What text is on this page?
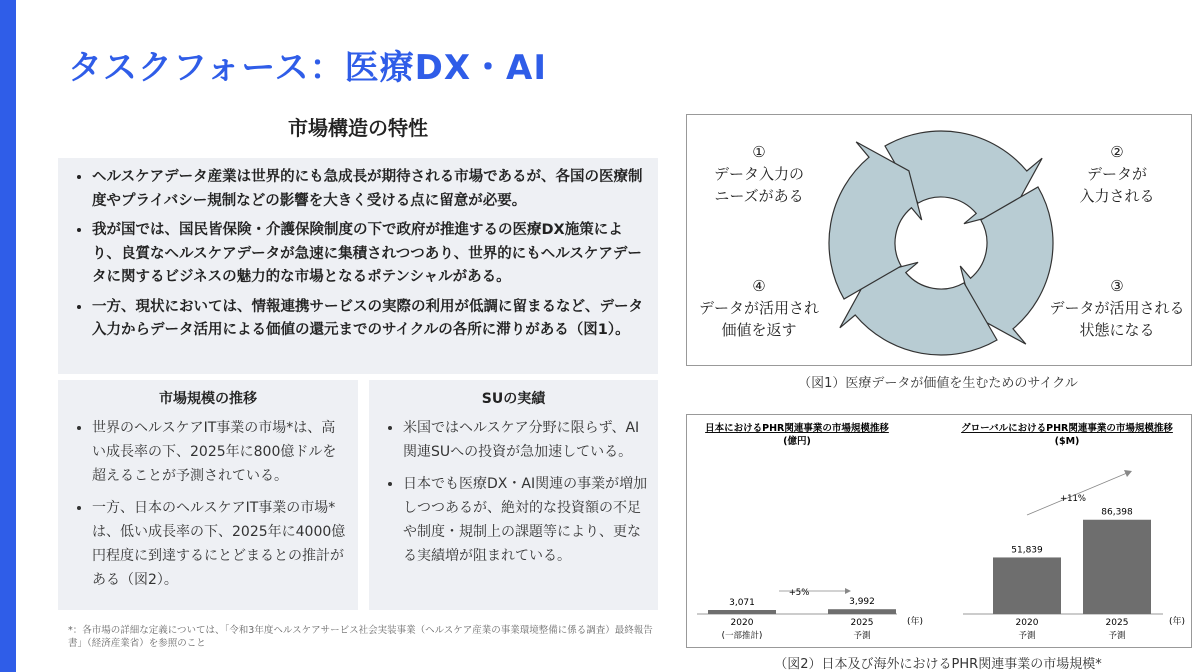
タスクフォース：医療DX・AI
市場構造の特性
• ヘルスケアデータ産業は世界的にも急成長が期待される市場であるが、各国の医療制度やプライバシー規制などの影響を大きく受ける点に留意が必要。
• 我が国では、国民皆保険・介護保険制度の下で政府が推進するの医療DX施策により、良質なヘルスケアデータが急速に集積されつつあり、世界的にもヘルスケアデータに関するビジネスの魅力的な市場となるポテンシャルがある。
• 一方、現状においては、情報連携サービスの実際の利用が低調に留まるなど、データ入力からデータ活用による価値の還元までのサイクルの各所に滞りがある（図1）。
市場規模の推移
• 世界のヘルスケアIT事業の市場*は、高い成長率の下、2025年に800億ドルを超えることが予測されている。
• 一方、日本のヘルスケアIT事業の市場*は、低い成長率の下、2025年に4000億円程度に到達するにとどまるとの推計がある（図2）。
SUの実績
• 米国ではヘルスケア分野に限らず、AI関連SUへの投資が急加速している。
• 日本でも医療DX・AI関連の事業が増加しつつあるが、絶対的な投資額の不足や制度・規制上の課題等により、更なる実績増が阻まれている。
*：各市場の詳細な定義については、「令和3年度ヘルスケアサービス社会実装事業（ヘルスケア産業の事業環境整備に係る調査）最終報告書」（経済産業省）を参照のこと
①
データ入力の
ニーズがある
②
データが
入力される
③
データが活用される
状態になる
④
データが活用され
価値を返す
（図1）医療データが価値を生むためのサイクル
日本におけるPHR関連事業の市場規模推移
(億円)
3,071
2020
(一部推計)
3,992
2025
予測
+5%
(年)
グローバルにおけるPHR関連事業の市場規模推移
($M)
51,839
2020
予測
86,398
2025
予測
+11%
(年)
（図2）日本及び海外におけるPHR関連事業の市場規模*
